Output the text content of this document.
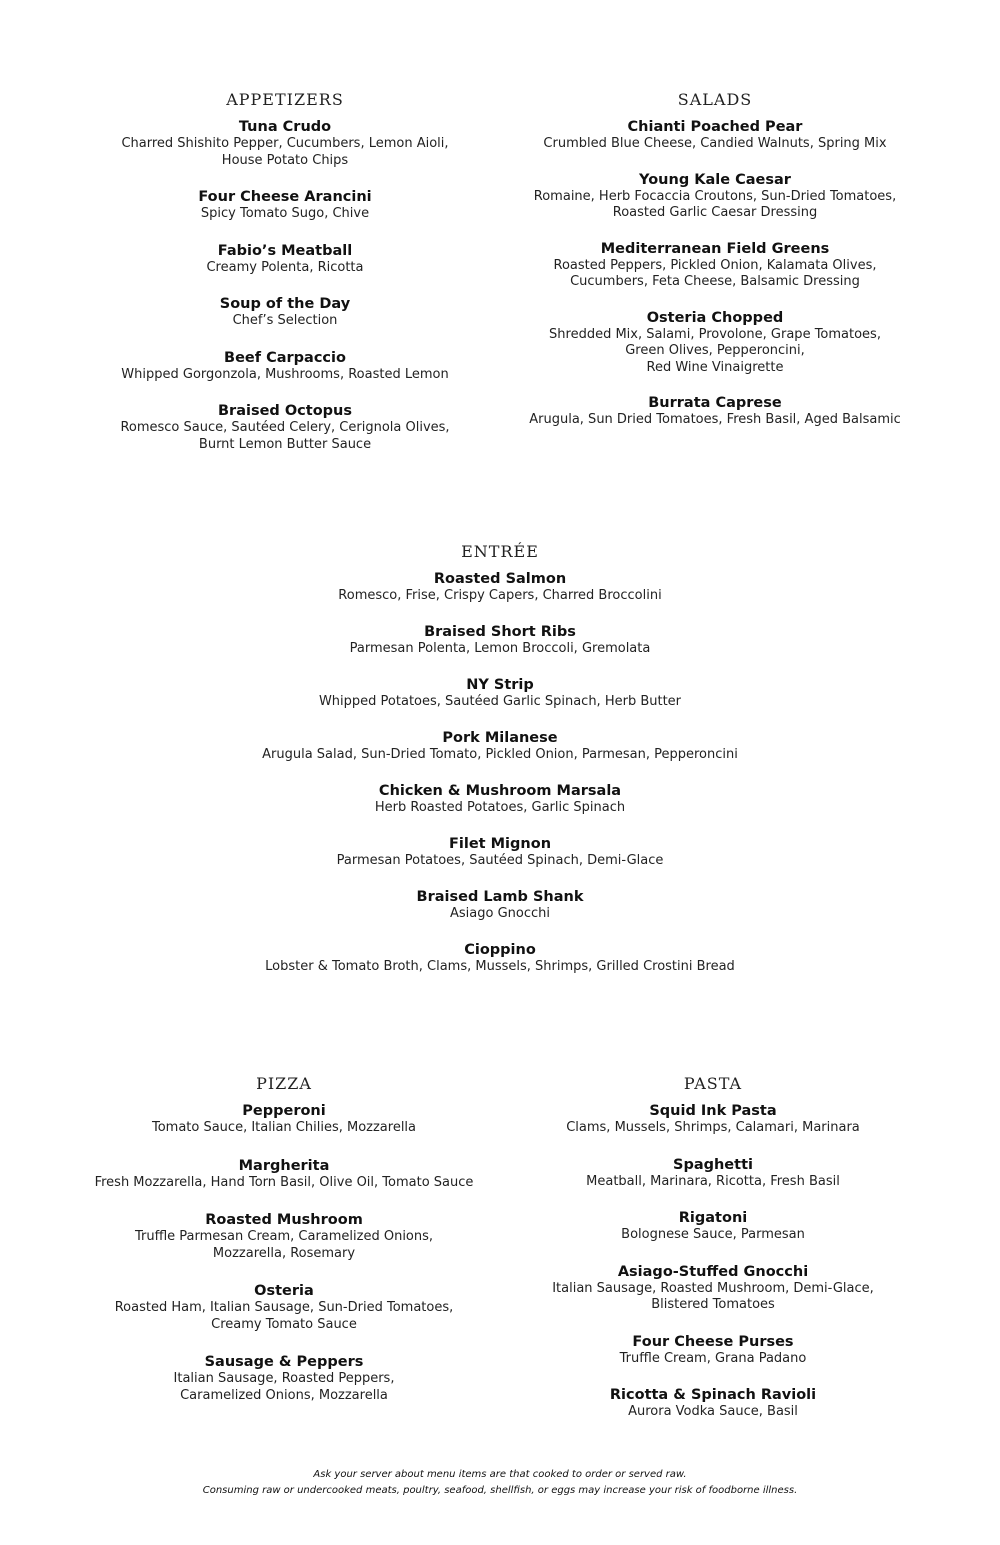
APPETIZERS
Tuna Crudo
Charred Shishito Pepper, Cucumbers, Lemon Aioli,
House Potato Chips
Four Cheese Arancini
Spicy Tomato Sugo, Chive
Fabio’s Meatball
Creamy Polenta, Ricotta
Soup of the Day
Chef’s Selection
Beef Carpaccio
Whipped Gorgonzola, Mushrooms, Roasted Lemon
Braised Octopus
Romesco Sauce, Sautéed Celery, Cerignola Olives,
Burnt Lemon Butter Sauce
SALADS
Chianti Poached Pear
Crumbled Blue Cheese, Candied Walnuts, Spring Mix
Young Kale Caesar
Romaine, Herb Focaccia Croutons, Sun-Dried Tomatoes,
Roasted Garlic Caesar Dressing
Mediterranean Field Greens
Roasted Peppers, Pickled Onion, Kalamata Olives,
Cucumbers, Feta Cheese, Balsamic Dressing
Osteria Chopped
Shredded Mix, Salami, Provolone, Grape Tomatoes,
Green Olives, Pepperoncini,
Red Wine Vinaigrette
Burrata Caprese
Arugula, Sun Dried Tomatoes, Fresh Basil, Aged Balsamic
ENTRÉE
Roasted Salmon
Romesco, Frise, Crispy Capers, Charred Broccolini
Braised Short Ribs
Parmesan Polenta, Lemon Broccoli, Gremolata
NY Strip
Whipped Potatoes, Sautéed Garlic Spinach, Herb Butter
Pork Milanese
Arugula Salad, Sun-Dried Tomato, Pickled Onion, Parmesan, Pepperoncini
Chicken & Mushroom Marsala
Herb Roasted Potatoes, Garlic Spinach
Filet Mignon
Parmesan Potatoes, Sautéed Spinach, Demi-Glace
Braised Lamb Shank
Asiago Gnocchi
Cioppino
Lobster & Tomato Broth, Clams, Mussels, Shrimps, Grilled Crostini Bread
PIZZA
Pepperoni
Tomato Sauce, Italian Chilies, Mozzarella
Margherita
Fresh Mozzarella, Hand Torn Basil, Olive Oil, Tomato Sauce
Roasted Mushroom
Truffle Parmesan Cream, Caramelized Onions,
Mozzarella, Rosemary
Osteria
Roasted Ham, Italian Sausage, Sun-Dried Tomatoes,
Creamy Tomato Sauce
Sausage & Peppers
Italian Sausage, Roasted Peppers,
Caramelized Onions, Mozzarella
PASTA
Squid Ink Pasta
Clams, Mussels, Shrimps, Calamari, Marinara
Spaghetti
Meatball, Marinara, Ricotta, Fresh Basil
Rigatoni
Bolognese Sauce, Parmesan
Asiago-Stuffed Gnocchi
Italian Sausage, Roasted Mushroom, Demi-Glace,
Blistered Tomatoes
Four Cheese Purses
Truffle Cream, Grana Padano
Ricotta & Spinach Ravioli
Aurora Vodka Sauce, Basil
Ask your server about menu items are that cooked to order or served raw.
Consuming raw or undercooked meats, poultry, seafood, shellfish, or eggs may increase your risk of foodborne illness.
